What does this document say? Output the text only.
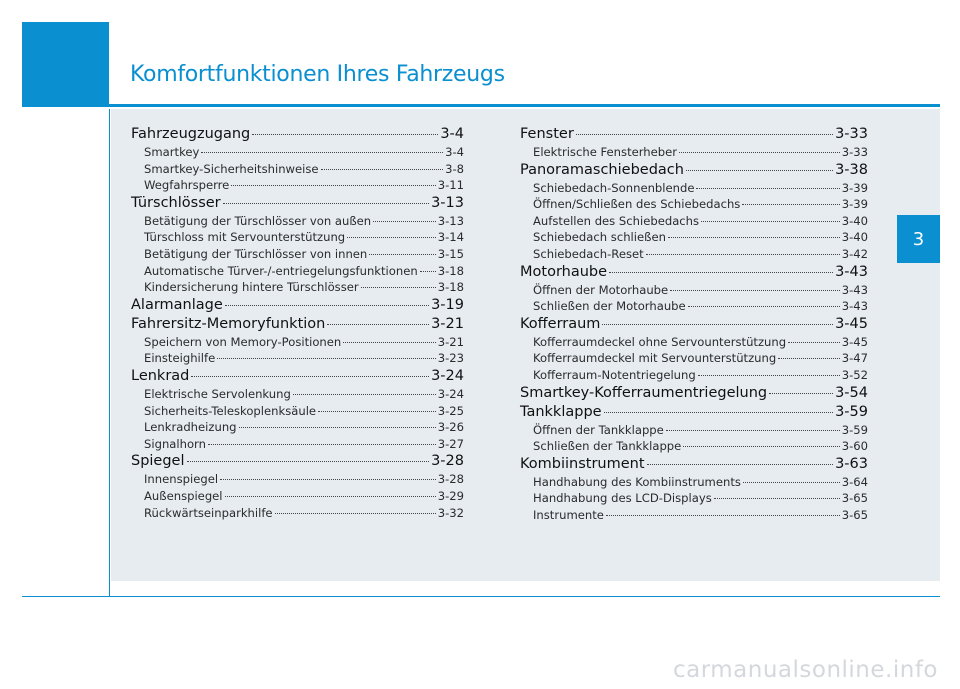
Komfortfunktionen Ihres Fahrzeugs
3
Fahrzeugzugang	3-4
Smartkey	3-4
Smartkey-Sicherheitshinweise	3-8
Wegfahrsperre	3-11
Türschlösser	3-13
Betätigung der Türschlösser von außen	3-13
Türschloss mit Servounterstützung	3-14
Betätigung der Türschlösser von innen	3-15
Automatische Türver-/-entriegelungsfunktionen 3-18
Kindersicherung hintere Türschlösser	3-18
Alarmanlage	3-19
Fahrersitz-Memoryfunktion	3-21
Speichern von Memory-Positionen	3-21
Einsteighilfe	3-23
Lenkrad	3-24
Elektrische Servolenkung	3-24
Sicherheits-Teleskoplenksäule	3-25
Lenkradheizung	3-26
Signalhorn	3-27
Spiegel	3-28
Innenspiegel	3-28
Außenspiegel	3-29
Rückwärtseinparkhilfe	3-32
Fenster	3-33
Elektrische Fensterheber	3-33
Panoramaschiebedach	3-38
Schiebedach-Sonnenblende	3-39
Öffnen/Schließen des Schiebedachs	3-39
Aufstellen des Schiebedachs	3-40
Schiebedach schließen	3-40
Schiebedach-Reset	3-42
Motorhaube	3-43
Öffnen der Motorhaube	3-43
Schließen der Motorhaube	3-43
Kofferraum	3-45
Kofferraumdeckel ohne Servounterstützung	3-45
Kofferraumdeckel mit Servounterstützung	3-47
Kofferraum-Notentriegelung	3-52
Smartkey-Kofferraumentriegelung	3-54
Tankklappe	3-59
Öffnen der Tankklappe	3-59
Schließen der Tankklappe	3-60
Kombiinstrument	3-63
Handhabung des Kombiinstruments	3-64
Handhabung des LCD-Displays	3-65
Instrumente	3-65
carmanualsonline.info
